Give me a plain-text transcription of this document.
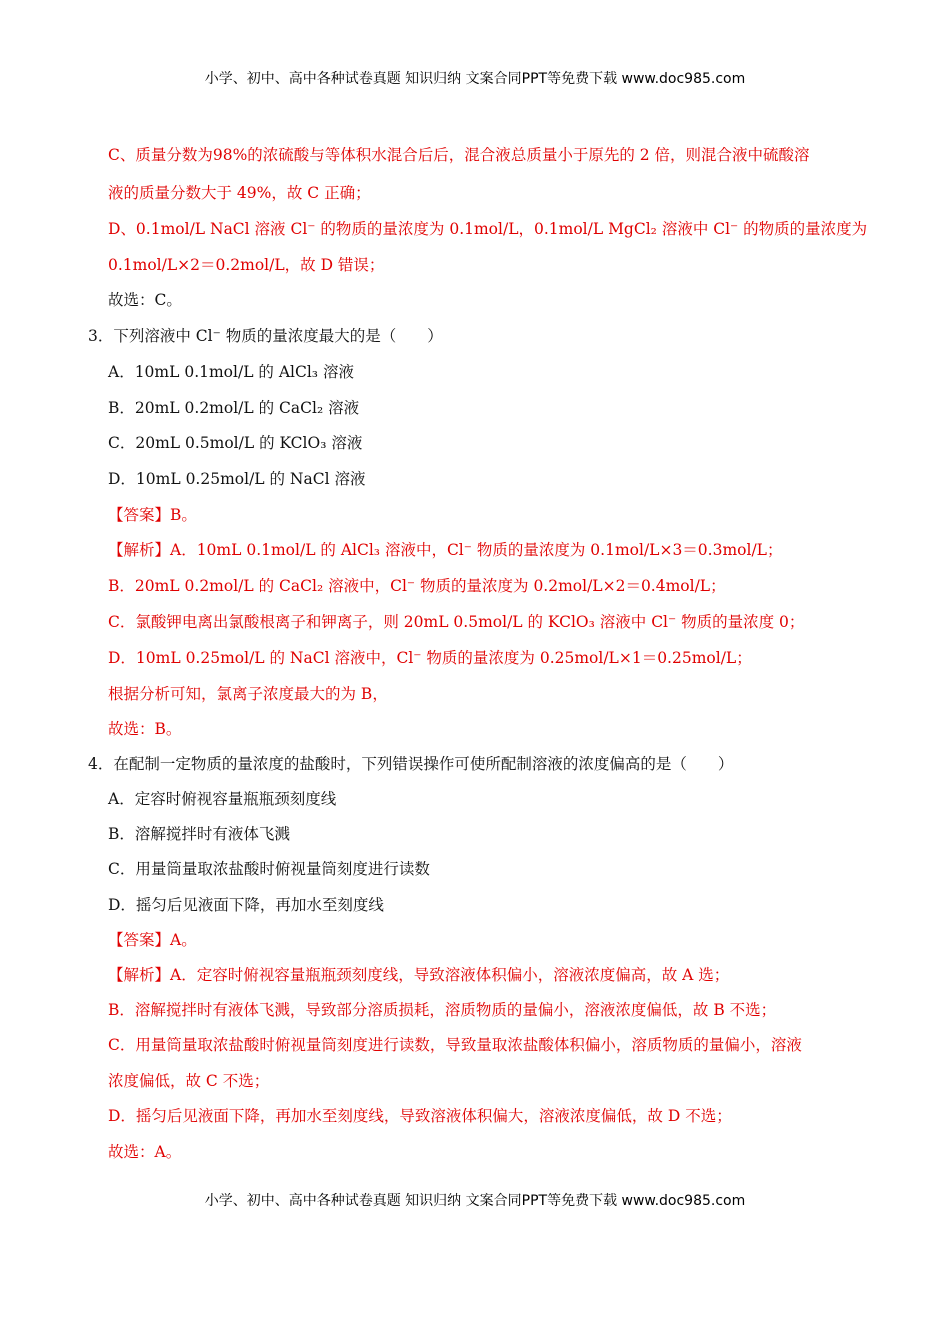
小学、初中、高中各种试卷真题 知识归纳 文案合同PPT等免费下载 www.doc985.com
C、质量分数为98%的浓硫酸与等体积水混合后后，混合液总质量小于原先的 2 倍，则混合液中硫酸溶
液的质量分数大于 49%，故 C 正确；
D、0.1mol/L NaCl 溶液 Cl⁻ 的物质的量浓度为 0.1mol/L，0.1mol/L MgCl₂ 溶液中 Cl⁻ 的物质的量浓度为
0.1mol/L×2＝0.2mol/L，故 D 错误；
故选：C。
3．下列溶液中 Cl⁻ 物质的量浓度最大的是（　　）
A．10mL 0.1mol/L 的 AlCl₃ 溶液
B．20mL 0.2mol/L 的 CaCl₂ 溶液
C．20mL 0.5mol/L 的 KClO₃ 溶液
D．10mL 0.25mol/L 的 NaCl 溶液
【答案】B。
【解析】A．10mL 0.1mol/L 的 AlCl₃ 溶液中，Cl⁻ 物质的量浓度为 0.1mol/L×3＝0.3mol/L；
B．20mL 0.2mol/L 的 CaCl₂ 溶液中，Cl⁻ 物质的量浓度为 0.2mol/L×2＝0.4mol/L；
C．氯酸钾电离出氯酸根离子和钾离子，则 20mL 0.5mol/L 的 KClO₃ 溶液中 Cl⁻ 物质的量浓度 0；
D．10mL 0.25mol/L 的 NaCl 溶液中，Cl⁻ 物质的量浓度为 0.25mol/L×1＝0.25mol/L；
根据分析可知，氯离子浓度最大的为 B，
故选：B。
4．在配制一定物质的量浓度的盐酸时，下列错误操作可使所配制溶液的浓度偏高的是（　　）
A．定容时俯视容量瓶瓶颈刻度线
B．溶解搅拌时有液体飞溅
C．用量筒量取浓盐酸时俯视量筒刻度进行读数
D．摇匀后见液面下降，再加水至刻度线
【答案】A。
【解析】A．定容时俯视容量瓶瓶颈刻度线，导致溶液体积偏小，溶液浓度偏高，故 A 选；
B．溶解搅拌时有液体飞溅，导致部分溶质损耗，溶质物质的量偏小，溶液浓度偏低，故 B 不选；
C．用量筒量取浓盐酸时俯视量筒刻度进行读数，导致量取浓盐酸体积偏小，溶质物质的量偏小，溶液
浓度偏低，故 C 不选；
D．摇匀后见液面下降，再加水至刻度线，导致溶液体积偏大，溶液浓度偏低，故 D 不选；
故选：A。
小学、初中、高中各种试卷真题 知识归纳 文案合同PPT等免费下载 www.doc985.com
